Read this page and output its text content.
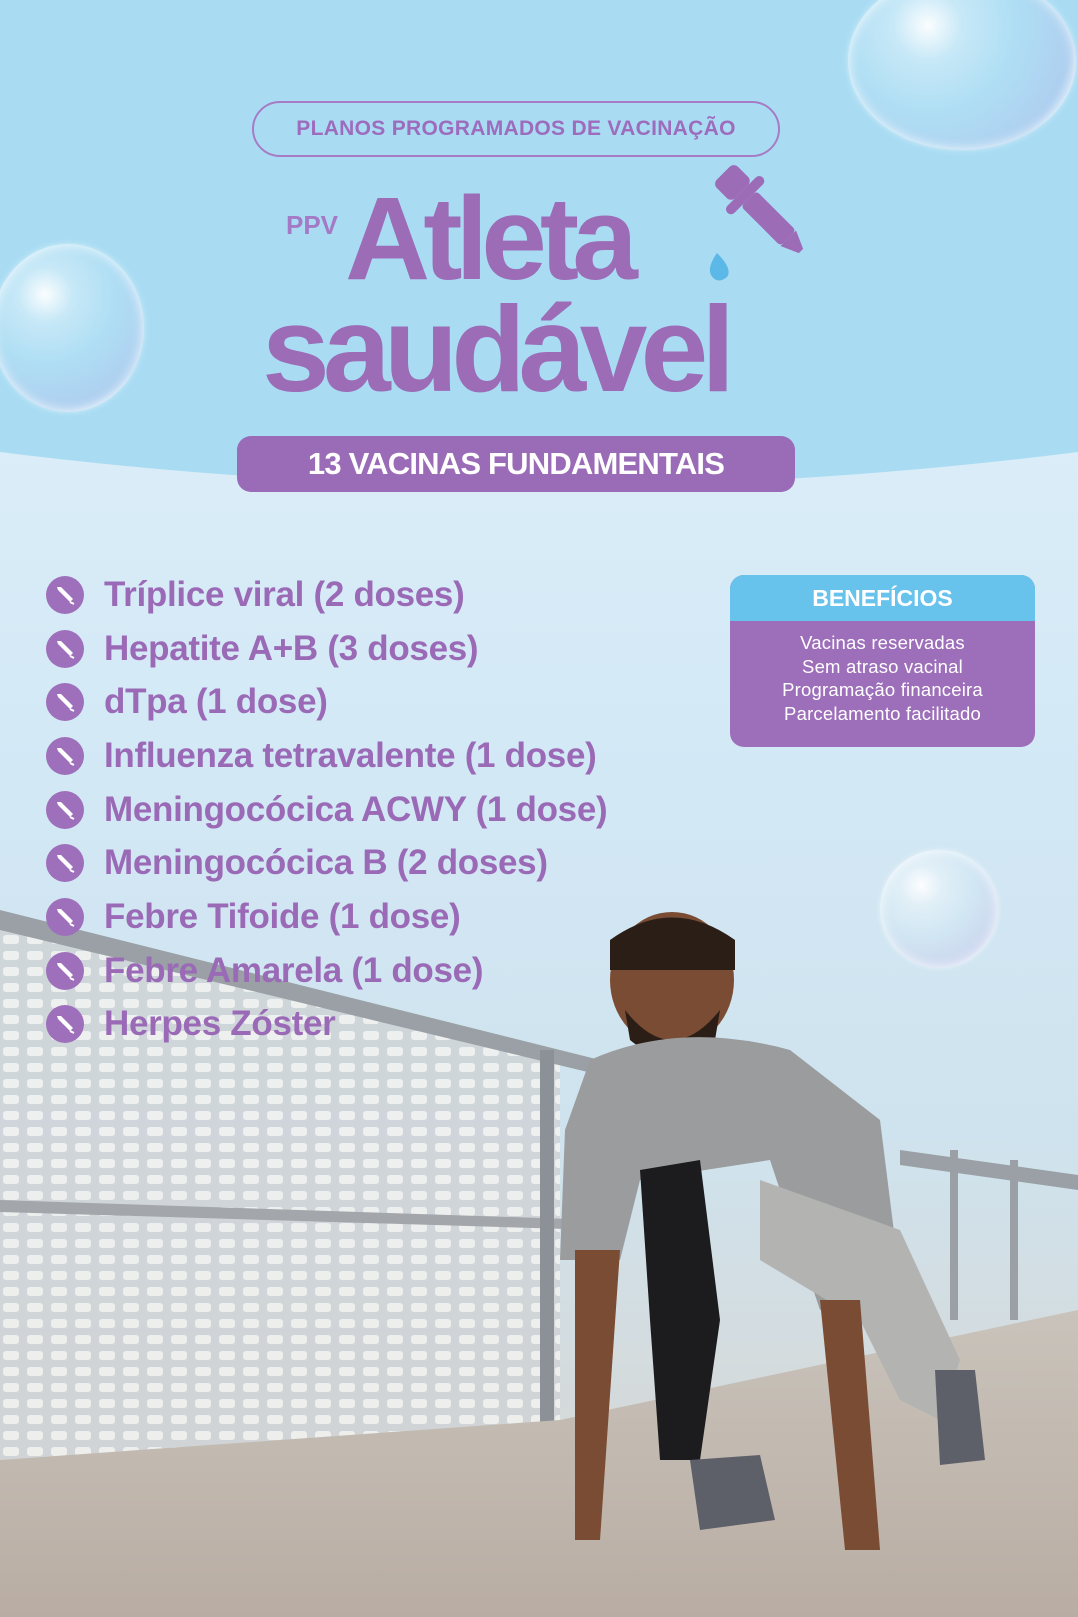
PLANOS PROGRAMADOS DE VACINAÇÃO
PPV Atleta
saudável
13 VACINAS FUNDAMENTAIS
Tríplice viral (2 doses)
Hepatite A+B (3 doses)
dTpa (1 dose)
Influenza tetravalente (1 dose)
Meningocócica ACWY (1 dose)
Meningocócica B (2 doses)
Febre Tifoide (1 dose)
Febre Amarela (1 dose)
Herpes Zóster
BENEFÍCIOS
Vacinas reservadas
Sem atraso vacinal
Programação financeira
Parcelamento facilitado
